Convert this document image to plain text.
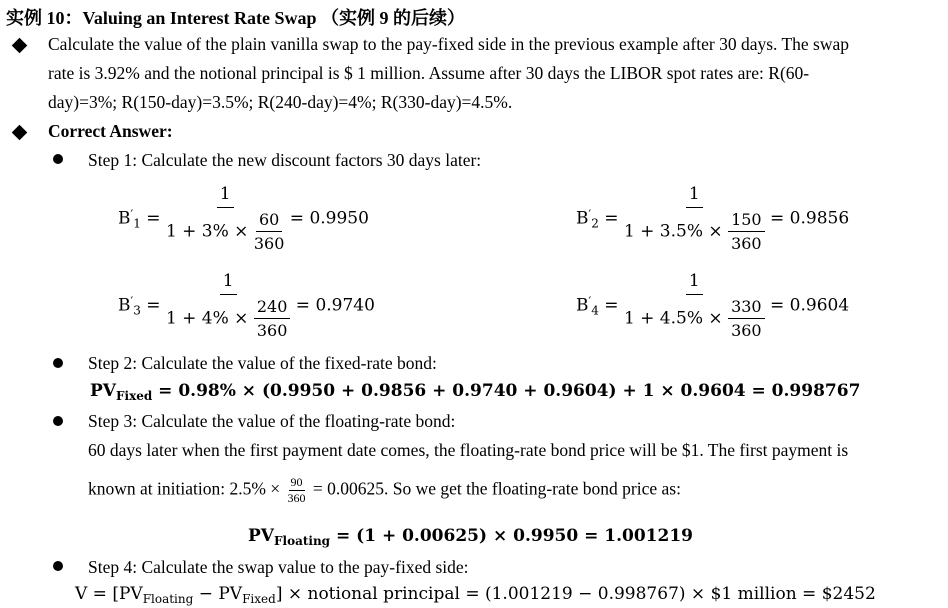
实例 10：Valuing an Interest Rate Swap （实例 9 的后续）
Calculate the value of the plain vanilla swap to the pay-fixed side in the previous example after 30 days. The swap
rate is 3.92% and the notional principal is $ 1 million. Assume after 30 days the LIBOR spot rates are: R(60-
day)=3%; R(150-day)=3.5%; R(240-day)=4%; R(330-day)=4.5%.
Correct Answer:
Step 1: Calculate the new discount factors 30 days later:
$B'_1 = \frac{1}{1 + 3\% \times \frac{60}{360}} = 0.9950$	$B'_2 = \frac{1}{1 + 3.5\% \times \frac{150}{360}} = 0.9856$
$B'_3 = \frac{1}{1 + 4\% \times \frac{240}{360}} = 0.9740$	$B'_4 = \frac{1}{1 + 4.5\% \times \frac{330}{360}} = 0.9604$
Step 2: Calculate the value of the fixed-rate bond:
$PV_{Fixed} = 0.98\% \times (0.9950 + 0.9856 + 0.9740 + 0.9604) + 1 \times 0.9604 = 0.998767$
Step 3: Calculate the value of the floating-rate bond:
60 days later when the first payment date comes, the floating-rate bond price will be $1. The first payment is
known at initiation: $2.5\% \times \frac{90}{360} = 0.00625$. So we get the floating-rate bond price as:
$PV_{Floating} = (1 + 0.00625) \times 0.9950 = 1.001219$
Step 4: Calculate the swap value to the pay-fixed side:
$V = [PV_{Floating} - PV_{Fixed}]$ × notional principal = (1.001219 − 0.998767) × $1 million = $2452
